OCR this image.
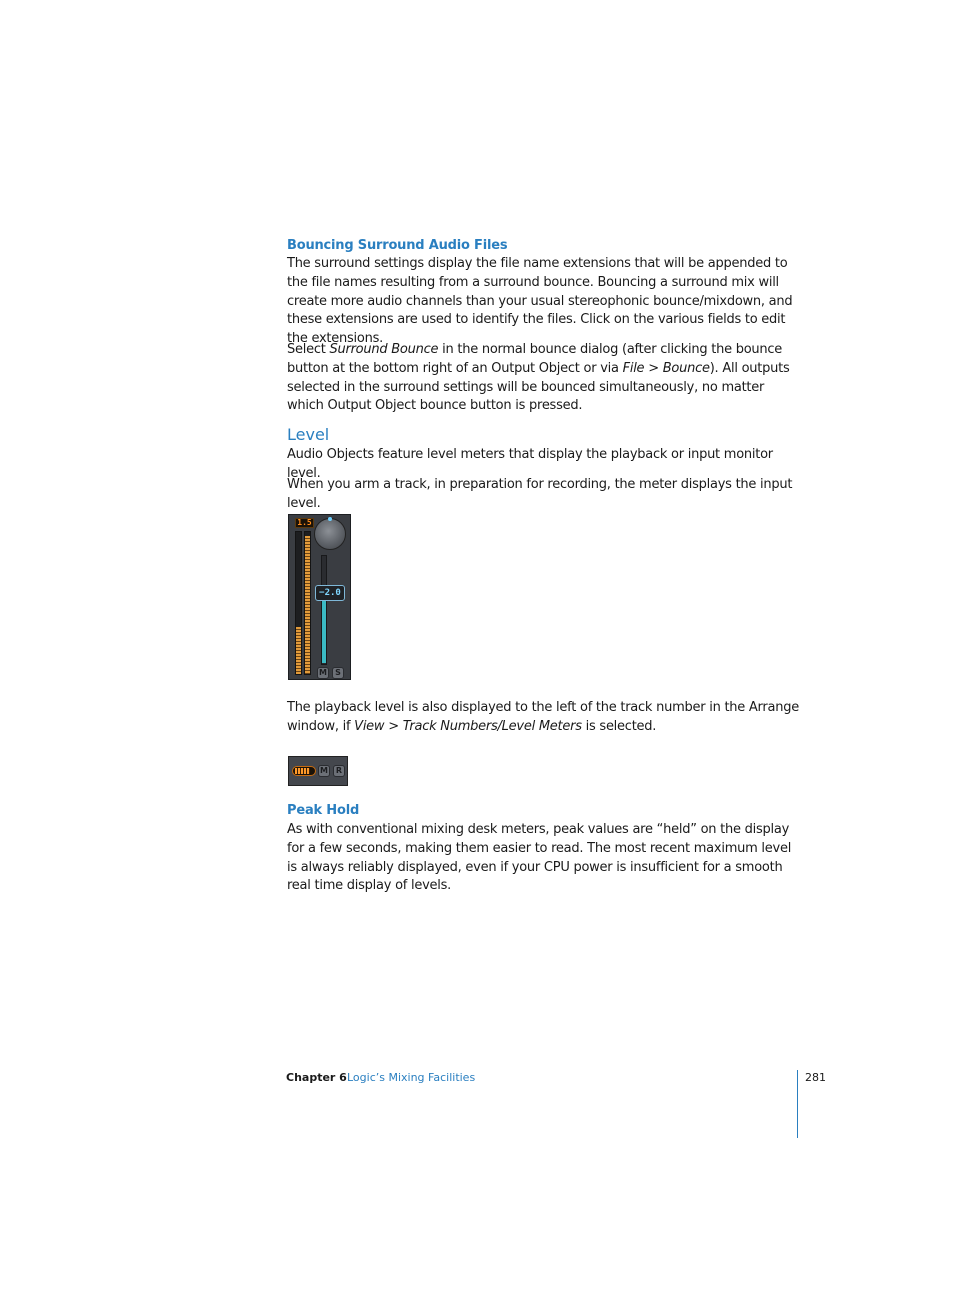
Bouncing Surround Audio Files
The surround settings display the file name extensions that will be appended to the file names resulting from a surround bounce. Bouncing a surround mix will create more audio channels than your usual stereophonic bounce/mixdown, and these extensions are used to identify the files. Click on the various fields to edit the extensions.
Select Surround Bounce in the normal bounce dialog (after clicking the bounce button at the bottom right of an Output Object or via File > Bounce). All outputs selected in the surround settings will be bounced simultaneously, no matter which Output Object bounce button is pressed.
Level
Audio Objects feature level meters that display the playback or input monitor level.
When you arm a track, in preparation for recording, the meter displays the input level.
1.5
−2.0
M	S
The playback level is also displayed to the left of the track number in the Arrange window, if View > Track Numbers/Level Meters is selected.
M R
Peak Hold
As with conventional mixing desk meters, peak values are “held” on the display for a few seconds, making them easier to read. The most recent maximum level is always reliably displayed, even if your CPU power is insufficient for a smooth real time display of levels.
Chapter 6 Logic’s Mixing Facilities	281
